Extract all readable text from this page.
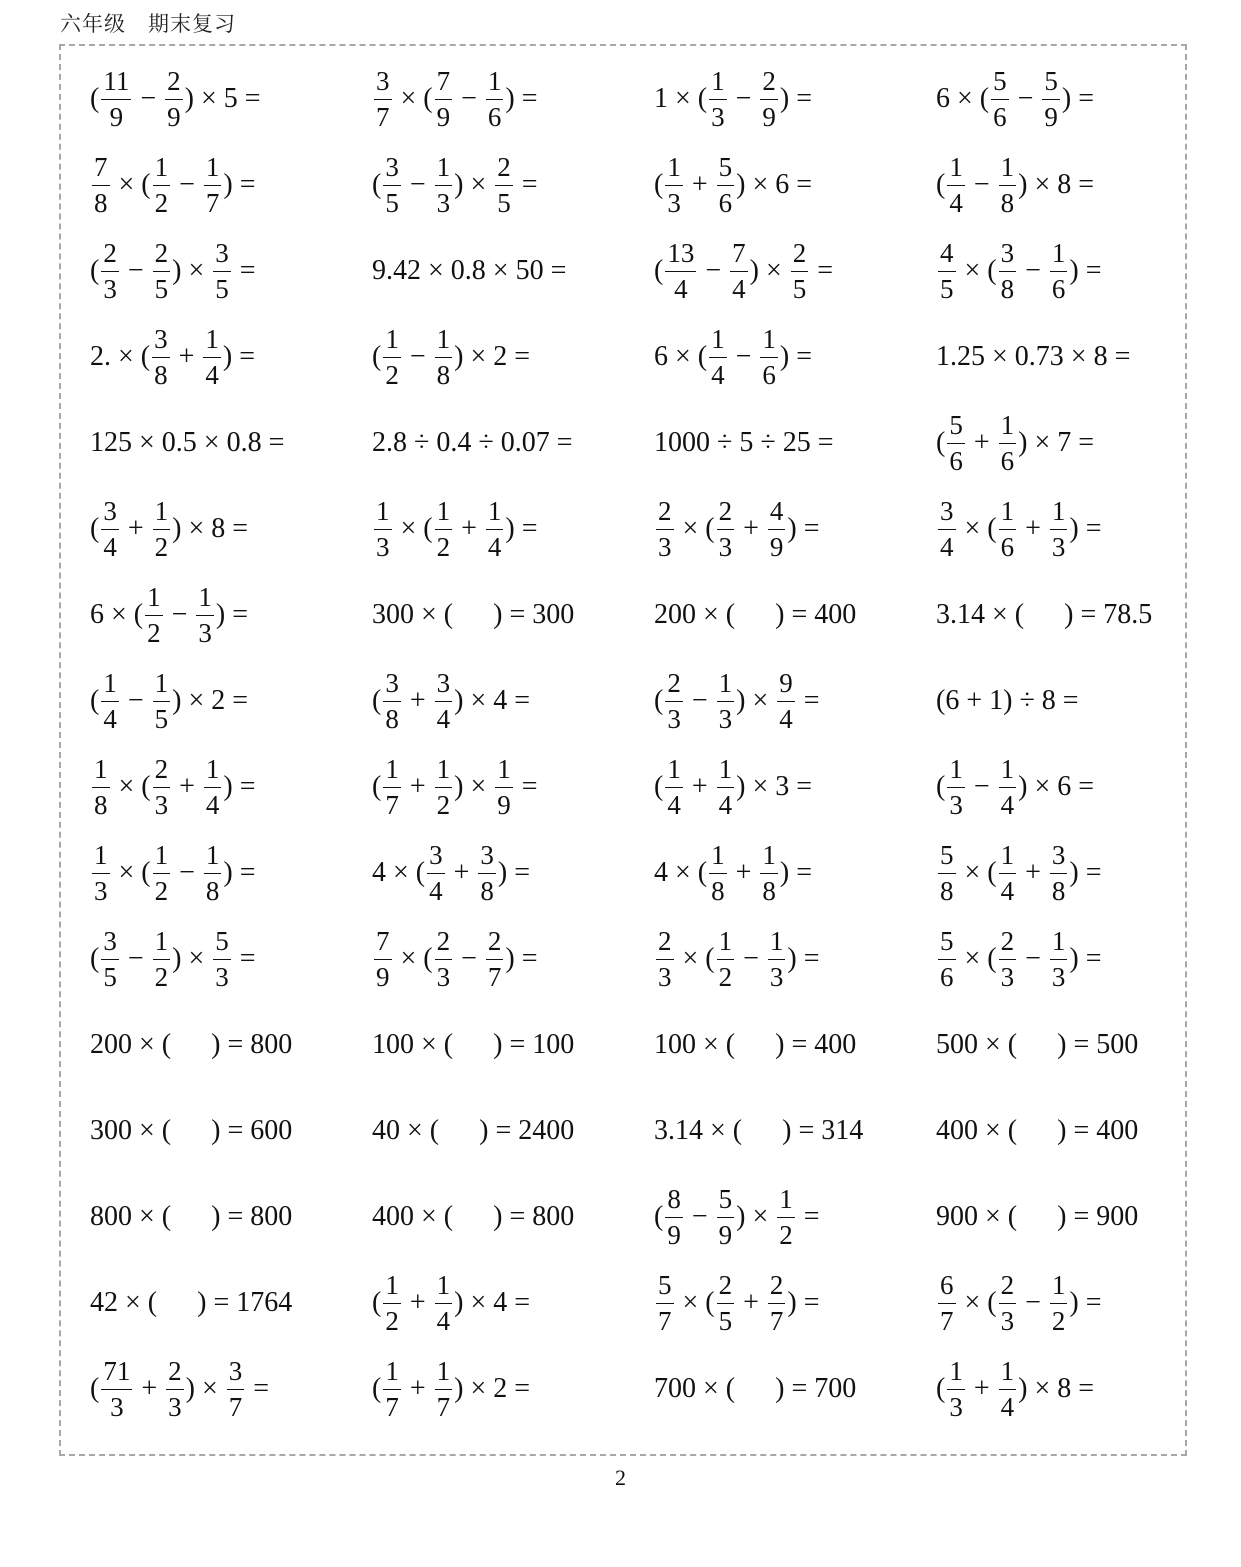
六年级 期末复习
( $\frac{11}{9} - \frac{2}{9}$ ) × 5 =	$\frac{3}{7}$ × ( $\frac{7}{9} - \frac{1}{6}$ ) =	1 × ( $\frac{1}{3} - \frac{2}{9}$ ) =	6 × ( $\frac{5}{6} - \frac{5}{9}$ ) =
$\frac{7}{8}$ × ( $\frac{1}{2} - \frac{1}{7}$ ) =	( $\frac{3}{5} - \frac{1}{3}$ ) × $\frac{2}{5}$ =	( $\frac{1}{3} + \frac{5}{6}$ ) × 6 =	( $\frac{1}{4} - \frac{1}{8}$ ) × 8 =
( $\frac{2}{3} - \frac{2}{5}$ ) × $\frac{3}{5}$ =	9.42 × 0.8 × 50 =	( $\frac{13}{4} - \frac{7}{4}$ ) × $\frac{2}{5}$ =	$\frac{4}{5}$ × ( $\frac{3}{8} - \frac{1}{6}$ ) =
2. × ( $\frac{3}{8} + \frac{1}{4}$ ) =	( $\frac{1}{2} - \frac{1}{8}$ ) × 2 =	6 × ( $\frac{1}{4} - \frac{1}{6}$ ) =	1.25 × 0.73 × 8 =
125 × 0.5 × 0.8 =	2.8 ÷ 0.4 ÷ 0.07 =	1000 ÷ 5 ÷ 25 =	( $\frac{5}{6} + \frac{1}{6}$ ) × 7 =
( $\frac{3}{4} + \frac{1}{2}$ ) × 8 =	$\frac{1}{3}$ × ( $\frac{1}{2} + \frac{1}{4}$ ) =	$\frac{2}{3}$ × ( $\frac{2}{3} + \frac{4}{9}$ ) =	$\frac{3}{4}$ × ( $\frac{1}{6} + \frac{1}{3}$ ) =
6 × ( $\frac{1}{2} - \frac{1}{3}$ ) =	300 × ( ) = 300	200 × ( ) = 400	3.14 × ( ) = 78.5
( $\frac{1}{4} - \frac{1}{5}$ ) × 2 =	( $\frac{3}{8} + \frac{3}{4}$ ) × 4 =	( $\frac{2}{3} - \frac{1}{3}$ ) × $\frac{9}{4}$ =	(6 + 1) ÷ 8 =
$\frac{1}{8}$ × ( $\frac{2}{3} + \frac{1}{4}$ ) =	( $\frac{1}{7} + \frac{1}{2}$ ) × $\frac{1}{9}$ =	( $\frac{1}{4} + \frac{1}{4}$ ) × 3 =	( $\frac{1}{3} - \frac{1}{4}$ ) × 6 =
$\frac{1}{3}$ × ( $\frac{1}{2} - \frac{1}{8}$ ) =	4 × ( $\frac{3}{4} + \frac{3}{8}$ ) =	4 × ( $\frac{1}{8} + \frac{1}{8}$ ) =	$\frac{5}{8}$ × ( $\frac{1}{4} + \frac{3}{8}$ ) =
( $\frac{3}{5} - \frac{1}{2}$ ) × $\frac{5}{3}$ =	$\frac{7}{9}$ × ( $\frac{2}{3} - \frac{2}{7}$ ) =	$\frac{2}{3}$ × ( $\frac{1}{2} - \frac{1}{3}$ ) =	$\frac{5}{6}$ × ( $\frac{2}{3} - \frac{1}{3}$ ) =
200 × ( ) = 800	100 × ( ) = 100	100 × ( ) = 400	500 × ( ) = 500
300 × ( ) = 600	40 × ( ) = 2400	3.14 × ( ) = 314	400 × ( ) = 400
800 × ( ) = 800	400 × ( ) = 800	( $\frac{8}{9} - \frac{5}{9}$ ) × $\frac{1}{2}$ =	900 × ( ) = 900
42 × ( ) = 1764	( $\frac{1}{2} + \frac{1}{4}$ ) × 4 =	$\frac{5}{7}$ × ( $\frac{2}{5} + \frac{2}{7}$ ) =	$\frac{6}{7}$ × ( $\frac{2}{3} - \frac{1}{2}$ ) =
( $\frac{71}{3} + \frac{2}{3}$ ) × $\frac{3}{7}$ =	( $\frac{1}{7} + \frac{1}{7}$ ) × 2 =	700 × ( ) = 700	( $\frac{1}{3} + \frac{1}{4}$ ) × 8 =
2
